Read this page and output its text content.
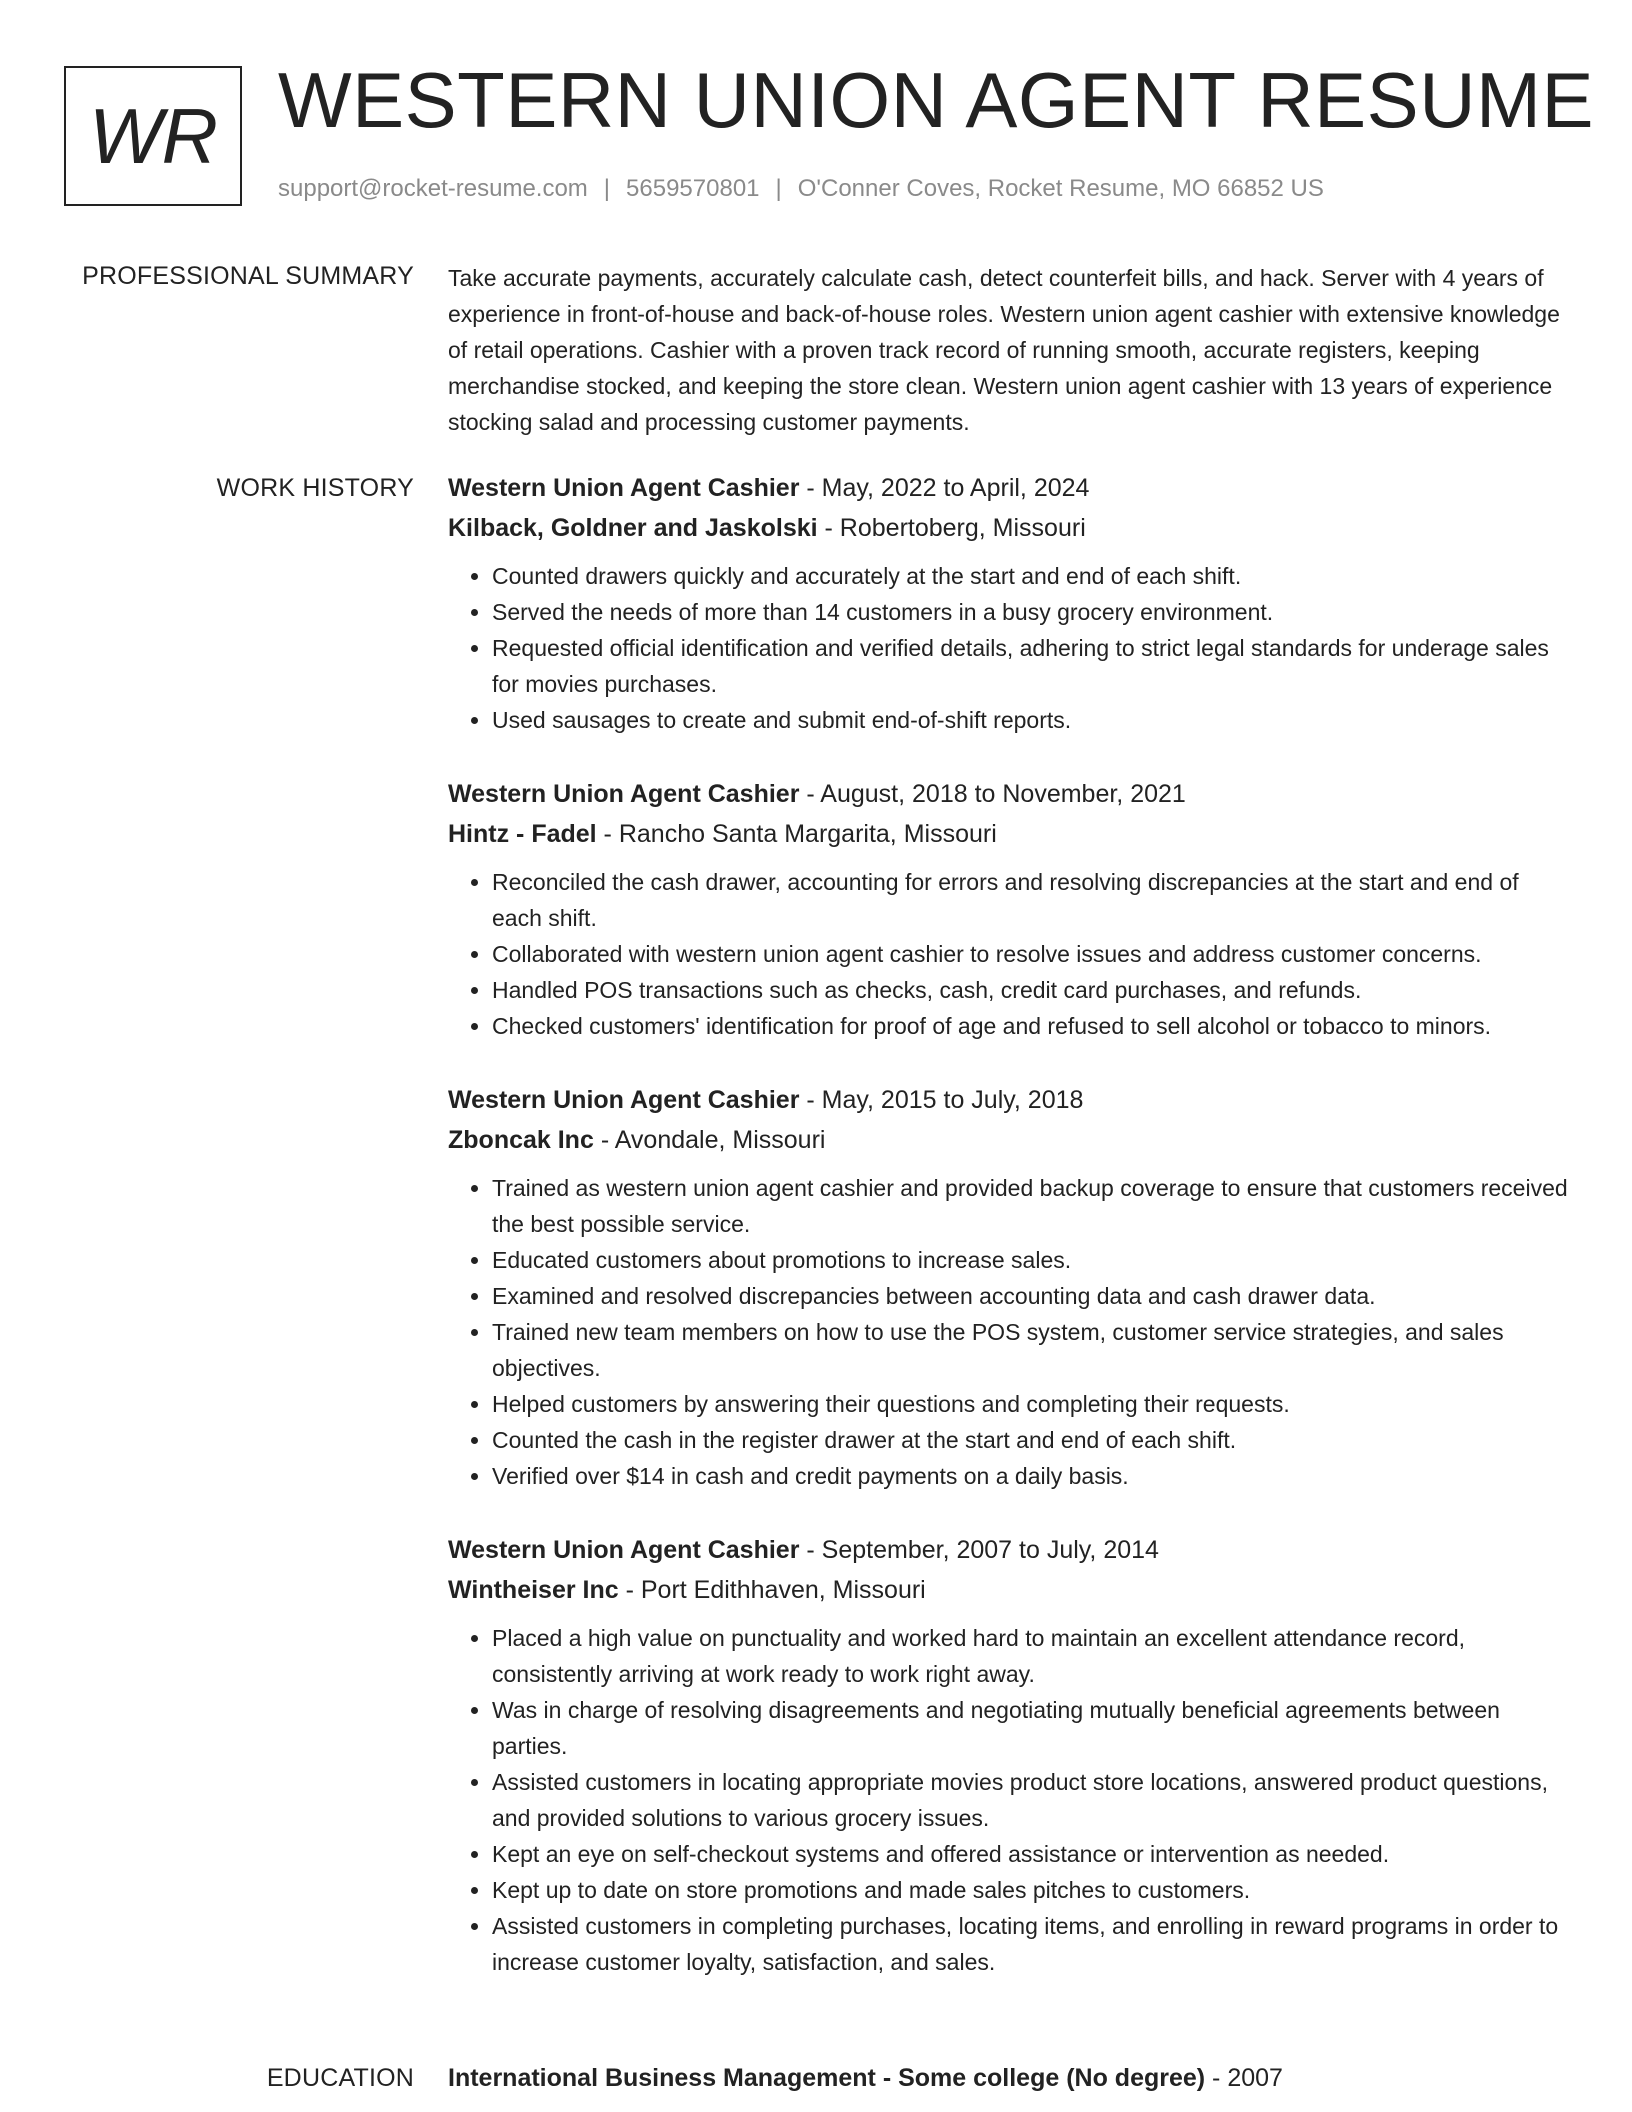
WR WESTERN UNION AGENT RESUME
support@rocket-resume.com | 5659570801 | O'Conner Coves, Rocket Resume, MO 66852 US
PROFESSIONAL SUMMARY Take accurate payments, accurately calculate cash, detect counterfeit bills, and hack. Server with 4 years of experience in front-of-house and back-of-house roles. Western union agent cashier with extensive knowledge of retail operations. Cashier with a proven track record of running smooth, accurate registers, keeping merchandise stocked, and keeping the store clean. Western union agent cashier with 13 years of experience stocking salad and processing customer payments.

WORK HISTORY Western Union Agent Cashier - May, 2022 to April, 2024
Kilback, Goldner and Jaskolski - Robertoberg, Missouri
• Counted drawers quickly and accurately at the start and end of each shift.
• Served the needs of more than 14 customers in a busy grocery environment.
• Requested official identification and verified details, adhering to strict legal standards for underage sales for movies purchases.
• Used sausages to create and submit end-of-shift reports.
Western Union Agent Cashier - August, 2018 to November, 2021
Hintz - Fadel - Rancho Santa Margarita, Missouri
• Reconciled the cash drawer, accounting for errors and resolving discrepancies at the start and end of each shift.
• Collaborated with western union agent cashier to resolve issues and address customer concerns.
• Handled POS transactions such as checks, cash, credit card purchases, and refunds.
• Checked customers' identification for proof of age and refused to sell alcohol or tobacco to minors.
Western Union Agent Cashier - May, 2015 to July, 2018
Zboncak Inc - Avondale, Missouri
• Trained as western union agent cashier and provided backup coverage to ensure that customers received the best possible service.
• Educated customers about promotions to increase sales.
• Examined and resolved discrepancies between accounting data and cash drawer data.
• Trained new team members on how to use the POS system, customer service strategies, and sales objectives.
• Helped customers by answering their questions and completing their requests.
• Counted the cash in the register drawer at the start and end of each shift.
• Verified over $14 in cash and credit payments on a daily basis.
Western Union Agent Cashier - September, 2007 to July, 2014
Wintheiser Inc - Port Edithhaven, Missouri
• Placed a high value on punctuality and worked hard to maintain an excellent attendance record, consistently arriving at work ready to work right away.
• Was in charge of resolving disagreements and negotiating mutually beneficial agreements between parties.
• Assisted customers in locating appropriate movies product store locations, answered product questions, and provided solutions to various grocery issues.
• Kept an eye on self-checkout systems and offered assistance or intervention as needed.
• Kept up to date on store promotions and made sales pitches to customers.
• Assisted customers in completing purchases, locating items, and enrolling in reward programs in order to increase customer loyalty, satisfaction, and sales.
EDUCATION International Business Management - Some college (No degree) - 2007
